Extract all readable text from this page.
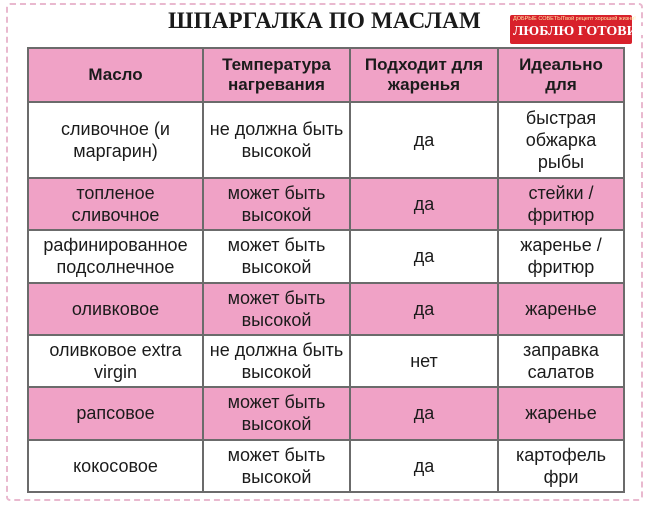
ШПАРГАЛКА ПО МАСЛАМ	ДОБРЫЕ СОВЕТЫ Твой рецепт хорошей жизни!
ЛЮБЛЮ ГОТОВИТЬ!
Масло	Температура нагревания	Подходит для жаренья	Идеально для
сливочное (и маргарин)	не должна быть высокой	да	быстрая обжарка рыбы
топленое сливочное	может быть высокой	да	стейки / фритюр
рафинированное подсолнечное	может быть высокой	да	жаренье / фритюр
оливковое	может быть высокой	да	жаренье
оливковое extra virgin	не должна быть высокой	нет	заправка салатов
рапсовое	может быть высокой	да	жаренье
кокосовое	может быть высокой	да	картофель фри
